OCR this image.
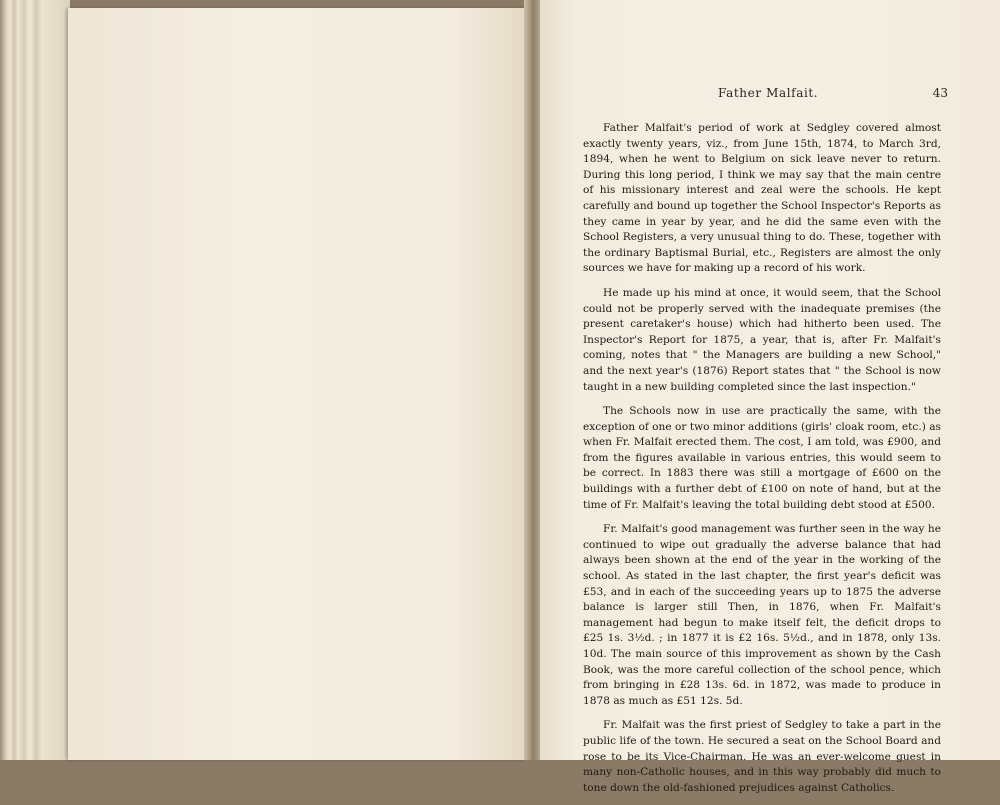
Father Malfait.	43

Father Malfait's period of work at Sedgley covered almost exactly twenty years, viz., from June 15th, 1874, to March 3rd, 1894, when he went to Belgium on sick leave never to return. During this long period, I think we may say that the main centre of his missionary interest and zeal were the schools. He kept carefully and bound up together the School Inspector's Reports as they came in year by year, and he did the same even with the School Registers, a very unusual thing to do. These, together with the ordinary Baptismal Burial, etc., Registers are almost the only sources we have for making up a record of his work.

He made up his mind at once, it would seem, that the School could not be properly served with the inadequate premises (the present caretaker's house) which had hitherto been used. The Inspector's Report for 1875, a year, that is, after Fr. Malfait's coming, notes that " the Managers are building a new School," and the next year's (1876) Report states that " the School is now taught in a new building completed since the last inspection."

The Schools now in use are practically the same, with the exception of one or two minor additions (girls' cloak room, etc.) as when Fr. Malfait erected them. The cost, I am told, was £900, and from the figures available in various entries, this would seem to be correct. In 1883 there was still a mortgage of £600 on the buildings with a further debt of £100 on note of hand, but at the time of Fr. Malfait's leaving the total building debt stood at £500.

Fr. Malfait's good management was further seen in the way he continued to wipe out gradually the adverse balance that had always been shown at the end of the year in the working of the school. As stated in the last chapter, the first year's deficit was £53, and in each of the succeeding years up to 1875 the adverse balance is larger still Then, in 1876, when Fr. Malfait's management had begun to make itself felt, the deficit drops to £25 1s. 3½d. ; in 1877 it is £2 16s. 5½d., and in 1878, only 13s. 10d. The main source of this improvement as shown by the Cash Book, was the more careful collection of the school pence, which from bringing in £28 13s. 6d. in 1872, was made to produce in 1878 as much as £51 12s. 5d.

Fr. Malfait was the first priest of Sedgley to take a part in the public life of the town. He secured a seat on the School Board and rose to be its Vice-Chairman. He was an ever-welcome guest in many non-Catholic houses, and in this way probably did much to tone down the old-fashioned prejudices against Catholics.
